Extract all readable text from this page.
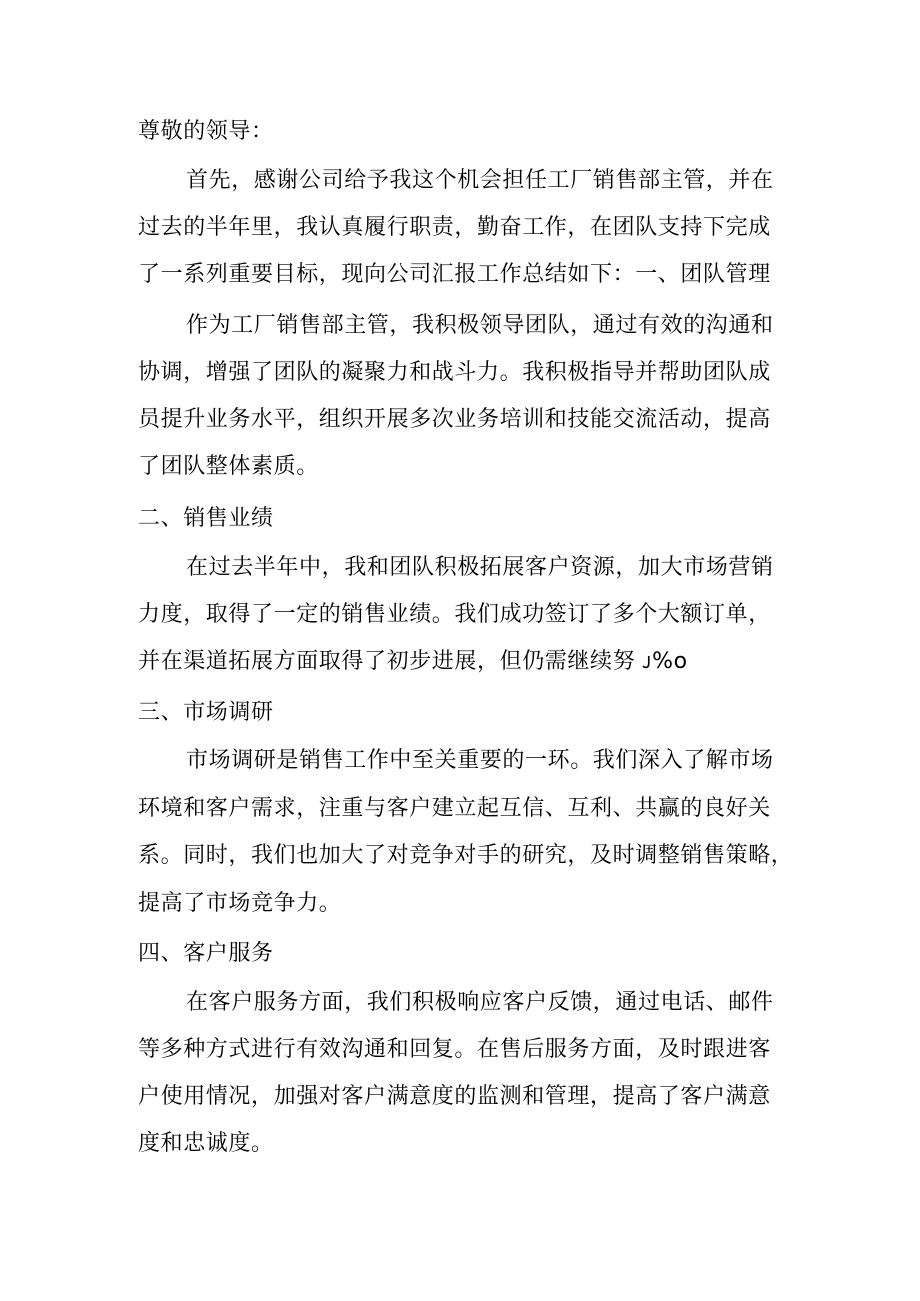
尊敬的领导：
首先，感谢公司给予我这个机会担任工厂销售部主管，并在
过去的半年里，我认真履行职责，勤奋工作，在团队支持下完成
了一系列重要目标，现向公司汇报工作总结如下：一、团队管理
作为工厂销售部主管，我积极领导团队，通过有效的沟通和
协调，增强了团队的凝聚力和战斗力。我积极指导并帮助团队成
员提升业务水平，组织开展多次业务培训和技能交流活动，提高
了团队整体素质。
二、销售业绩
在过去半年中，我和团队积极拓展客户资源，加大市场营销
力度，取得了一定的销售业绩。我们成功签订了多个大额订单，
并在渠道拓展方面取得了初步进展，但仍需继续努 ᴊ%o
三、市场调研
市场调研是销售工作中至关重要的一环。我们深入了解市场
环境和客户需求，注重与客户建立起互信、互利、共赢的良好关
系。同时，我们也加大了对竞争对手的研究，及时调整销售策略，
提高了市场竞争力。
四、客户服务
在客户服务方面，我们积极响应客户反馈，通过电话、邮件
等多种方式进行有效沟通和回复。在售后服务方面，及时跟进客
户使用情况，加强对客户满意度的监测和管理，提高了客户满意
度和忠诚度。
